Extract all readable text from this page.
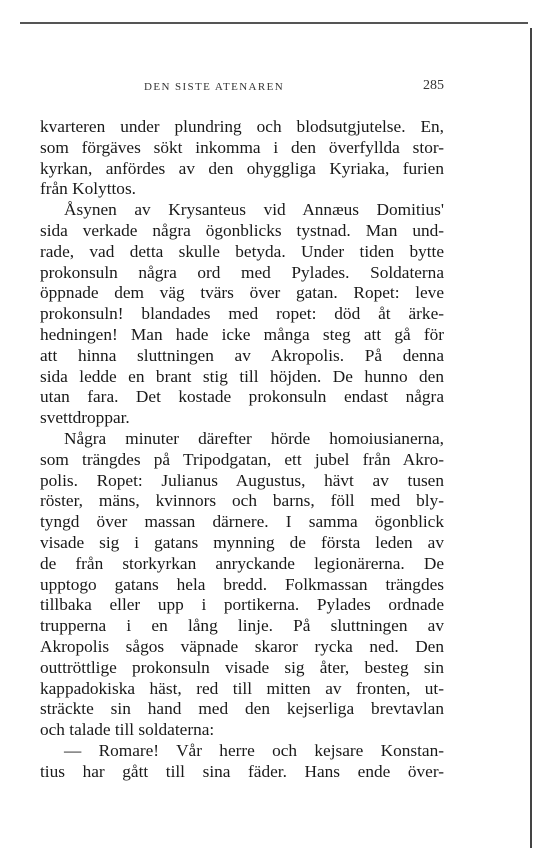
DEN SISTE ATENAREN	285
kvarteren under plundring och blodsutgjutelse. En,
som förgäves sökt inkomma i den överfyllda stor-
kyrkan, anfördes av den ohyggliga Kyriaka, furien
från Kolyttos.
Åsynen av Krysanteus vid Annæus Domitius'
sida verkade några ögonblicks tystnad. Man und-
rade, vad detta skulle betyda. Under tiden bytte
prokonsuln några ord med Pylades. Soldaterna
öppnade dem väg tvärs över gatan. Ropet: leve
prokonsuln! blandades med ropet: död åt ärke-
hedningen! Man hade icke många steg att gå för
att hinna sluttningen av Akropolis. På denna
sida ledde en brant stig till höjden. De hunno den
utan fara. Det kostade prokonsuln endast några
svettdroppar.
Några minuter därefter hörde homoiusianerna,
som trängdes på Tripodgatan, ett jubel från Akro-
polis. Ropet: Julianus Augustus, hävt av tusen
röster, mäns, kvinnors och barns, föll med bly-
tyngd över massan därnere. I samma ögonblick
visade sig i gatans mynning de första leden av
de från storkyrkan anryckande legionärerna. De
upptogo gatans hela bredd. Folkmassan trängdes
tillbaka eller upp i portikerna. Pylades ordnade
trupperna i en lång linje. På sluttningen av
Akropolis sågos väpnade skaror rycka ned. Den
outtröttlige prokonsuln visade sig åter, besteg sin
kappadokiska häst, red till mitten av fronten, ut-
sträckte sin hand med den kejserliga brevtavlan
och talade till soldaterna:
— Romare! Vår herre och kejsare Konstan-
tius har gått till sina fäder. Hans ende över-
